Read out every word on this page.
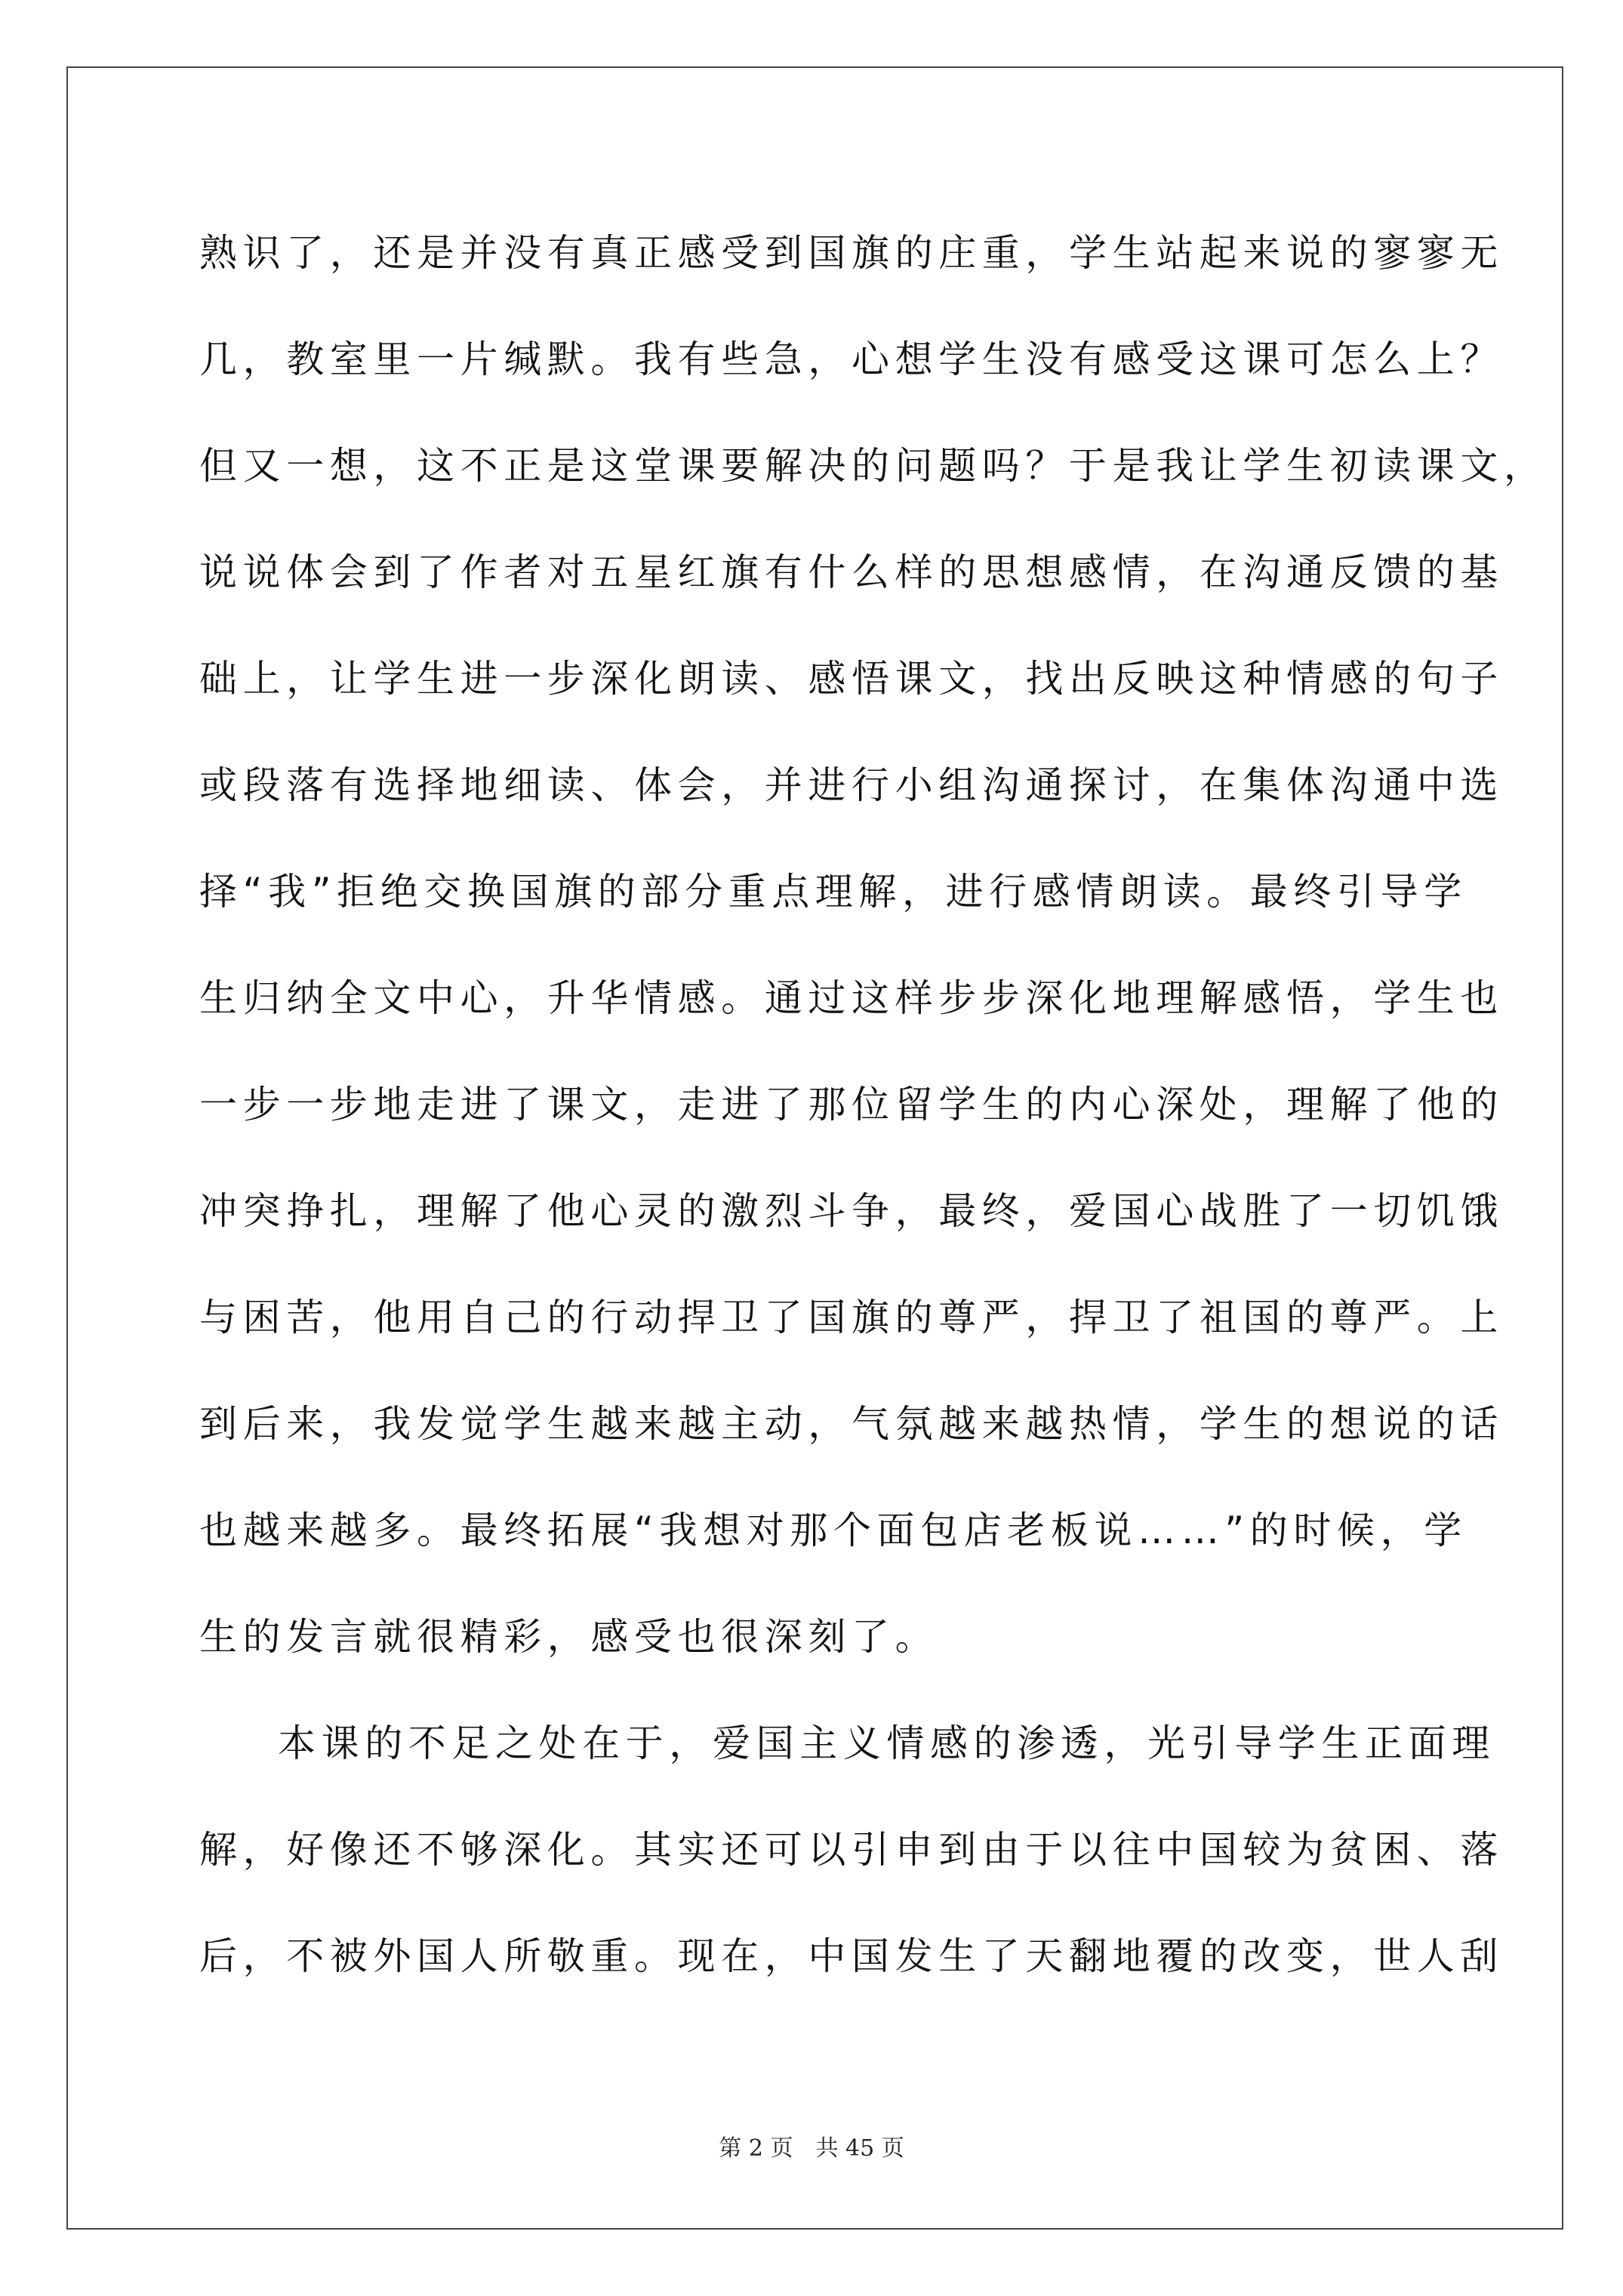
熟识了，还是并没有真正感受到国旗的庄重，学生站起来说的寥寥无
几，教室里一片缄默。我有些急，心想学生没有感受这课可怎么上？
但又一想，这不正是这堂课要解决的问题吗？于是我让学生初读课文，
说说体会到了作者对五星红旗有什么样的思想感情，在沟通反馈的基
础上，让学生进一步深化朗读、感悟课文，找出反映这种情感的句子
或段落有选择地细读、体会，并进行小组沟通探讨，在集体沟通中选
择“我”拒绝交换国旗的部分重点理解，进行感情朗读。最终引导学
生归纳全文中心，升华情感。通过这样步步深化地理解感悟，学生也
一步一步地走进了课文，走进了那位留学生的内心深处，理解了他的
冲突挣扎，理解了他心灵的激烈斗争，最终，爱国心战胜了一切饥饿
与困苦，他用自己的行动捍卫了国旗的尊严，捍卫了祖国的尊严。上
到后来，我发觉学生越来越主动，气氛越来越热情，学生的想说的话
也越来越多。最终拓展“我想对那个面包店老板说……”的时候，学
生的发言就很精彩，感受也很深刻了。
本课的不足之处在于，爱国主义情感的渗透，光引导学生正面理
解，好像还不够深化。其实还可以引申到由于以往中国较为贫困、落
后，不被外国人所敬重。现在，中国发生了天翻地覆的改变，世人刮
第 2 页　共 45 页
